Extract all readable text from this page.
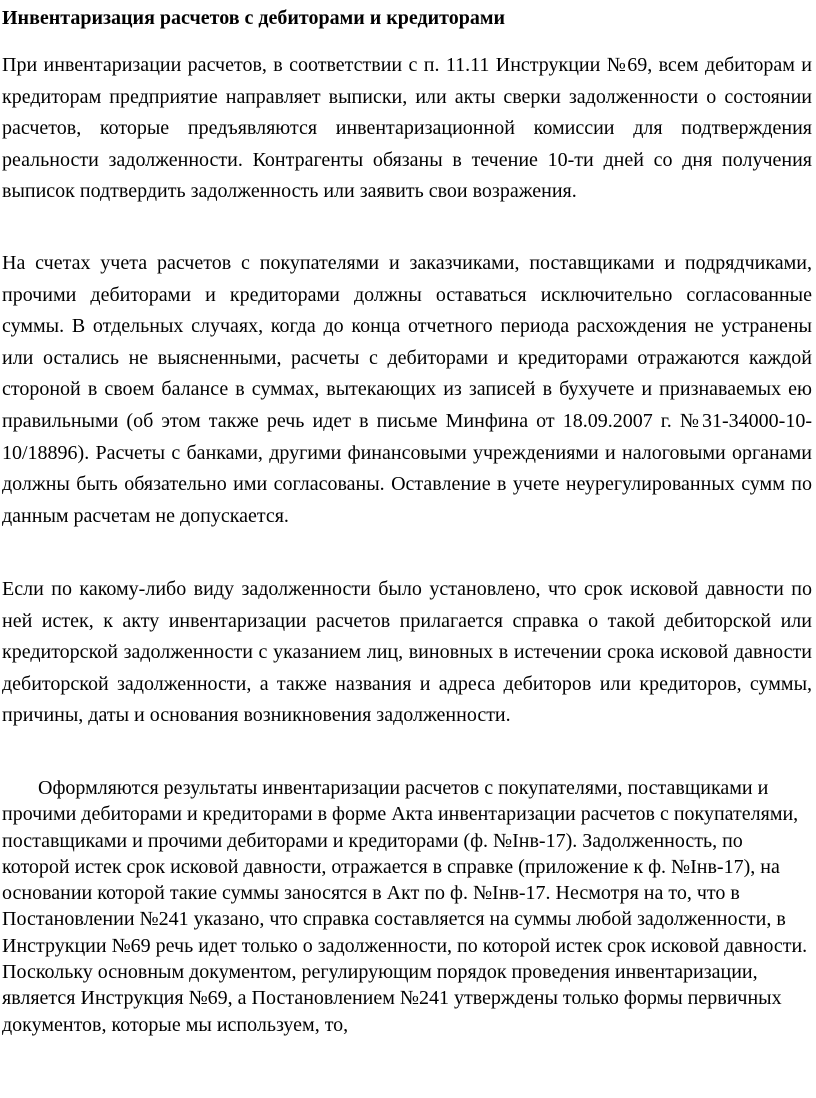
Инвентаризация расчетов с дебиторами и кредиторами

При инвентаризации расчетов, в соответствии с п. 11.11 Инструкции №69, всем дебиторам и кредиторам предприятие направляет выписки, или акты сверки задолженности о состоянии расчетов, которые предъявляются инвентаризационной комиссии для подтверждения реальности задолженности. Контрагенты обязаны в течение 10-ти дней со дня получения выписок подтвердить задолженность или заявить свои возражения.

На счетах учета расчетов с покупателями и заказчиками, поставщиками и подрядчиками, прочими дебиторами и кредиторами должны оставаться исключительно согласованные суммы. В отдельных случаях, когда до конца отчетного периода расхождения не устранены или остались не выясненными, расчеты с дебиторами и кредиторами отражаются каждой стороной в своем балансе в суммах, вытекающих из записей в бухучете и признаваемых ею правильными (об этом также речь идет в письме Минфина от 18.09.2007 г. №31-34000-10-10/18896). Расчеты с банками, другими финансовыми учреждениями и налоговыми органами должны быть обязательно ими согласованы. Оставление в учете неурегулированных сумм по данным расчетам не допускается.

Если по какому-либо виду задолженности было установлено, что срок исковой давности по ней истек, к акту инвентаризации расчетов прилагается справка о такой дебиторской или кредиторской задолженности с указанием лиц, виновных в истечении срока исковой давности дебиторской задолженности, а также названия и адреса дебиторов или кредиторов, суммы, причины, даты и основания возникновения задолженности.

Оформляются результаты инвентаризации расчетов с покупателями, поставщиками и прочими дебиторами и кредиторами в форме Акта инвентаризации расчетов с покупателями, поставщиками и прочими дебиторами и кредиторами (ф. №Інв-17). Задолженность, по которой истек срок исковой давности, отражается в справке (приложение к ф. №Інв-17), на основании которой такие суммы заносятся в Акт по ф. №Інв-17. Несмотря на то, что в Постановлении №241 указано, что справка составляется на суммы любой задолженности, в Инструкции №69 речь идет только о задолженности, по которой истек срок исковой давности. Поскольку основным документом, регулирующим порядок проведения инвентаризации, является Инструкция №69, а Постановлением №241 утверждены только формы первичных документов, которые мы используем, то,
